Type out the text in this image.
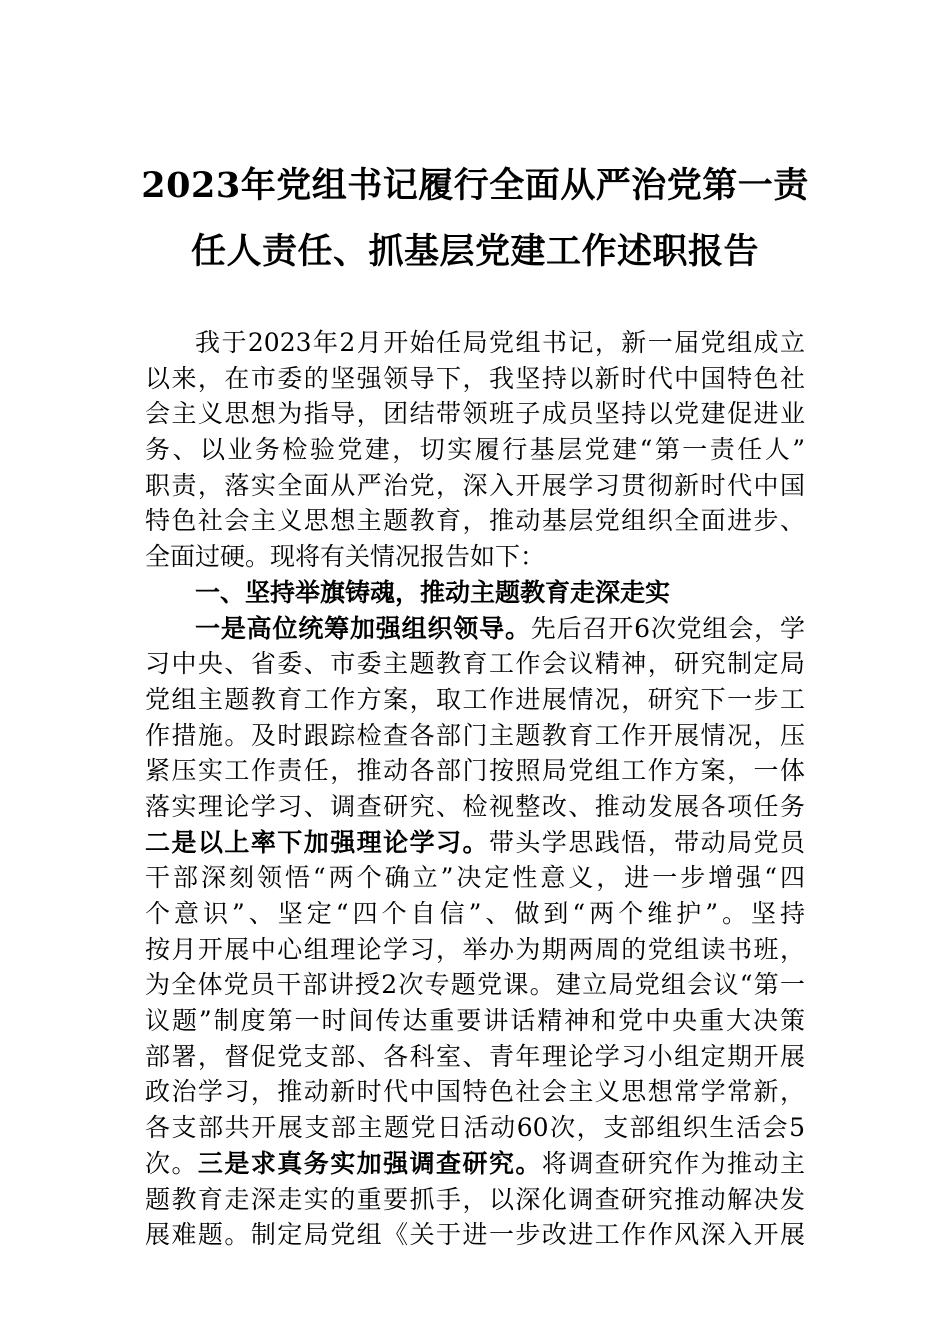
2023年党组书记履行全面从严治党第一责
任人责任、抓基层党建工作述职报告
我于2023年2月开始任局党组书记，新一届党组成立
以来，在市委的坚强领导下，我坚持以新时代中国特色社
会主义思想为指导，团结带领班子成员坚持以党建促进业
务、以业务检验党建，切实履行基层党建“第一责任人”
职责，落实全面从严治党，深入开展学习贯彻新时代中国
特色社会主义思想主题教育，推动基层党组织全面进步、
全面过硬。现将有关情况报告如下：
一、坚持举旗铸魂，推动主题教育走深走实
一是高位统筹加强组织领导。先后召开6次党组会，学
习中央、省委、市委主题教育工作会议精神，研究制定局
党组主题教育工作方案，取工作进展情况，研究下一步工
作措施。及时跟踪检查各部门主题教育工作开展情况，压
紧压实工作责任，推动各部门按照局党组工作方案，一体
落实理论学习、调查研究、检视整改、推动发展各项任务
二是以上率下加强理论学习。带头学思践悟，带动局党员
干部深刻领悟“两个确立”决定性意义，进一步增强“四
个意识”、坚定“四个自信”、做到“两个维护”。坚持
按月开展中心组理论学习，举办为期两周的党组读书班，
为全体党员干部讲授2次专题党课。建立局党组会议“第一
议题”制度第一时间传达重要讲话精神和党中央重大决策
部署，督促党支部、各科室、青年理论学习小组定期开展
政治学习，推动新时代中国特色社会主义思想常学常新，
各支部共开展支部主题党日活动60次，支部组织生活会5
次。三是求真务实加强调查研究。将调查研究作为推动主
题教育走深走实的重要抓手，以深化调查研究推动解决发
展难题。制定局党组《关于进一步改进工作作风深入开展
